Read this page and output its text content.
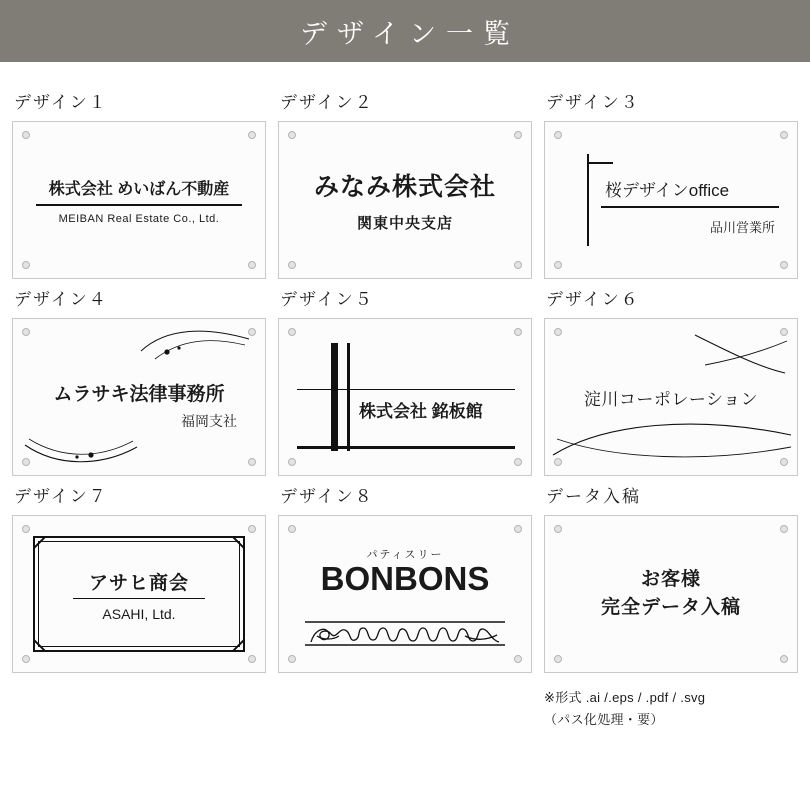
デザイン一覧
デザイン１
株式会社 めいばん不動産
MEIBAN Real Estate Co., Ltd.
デザイン２
みなみ株式会社
関東中央支店
デザイン３
桜デザインoffice
品川営業所
デザイン４
ムラサキ法律事務所
福岡支社
デザイン５
株式会社 銘板館
デザイン６
淀川コーポレーション
デザイン７
アサヒ商会
ASAHI, Ltd.
デザイン８
パティスリー
BONBONS
データ入稿
お客様
完全データ入稿
※形式 .ai /.eps / .pdf / .svg
（パス化処理・要）
